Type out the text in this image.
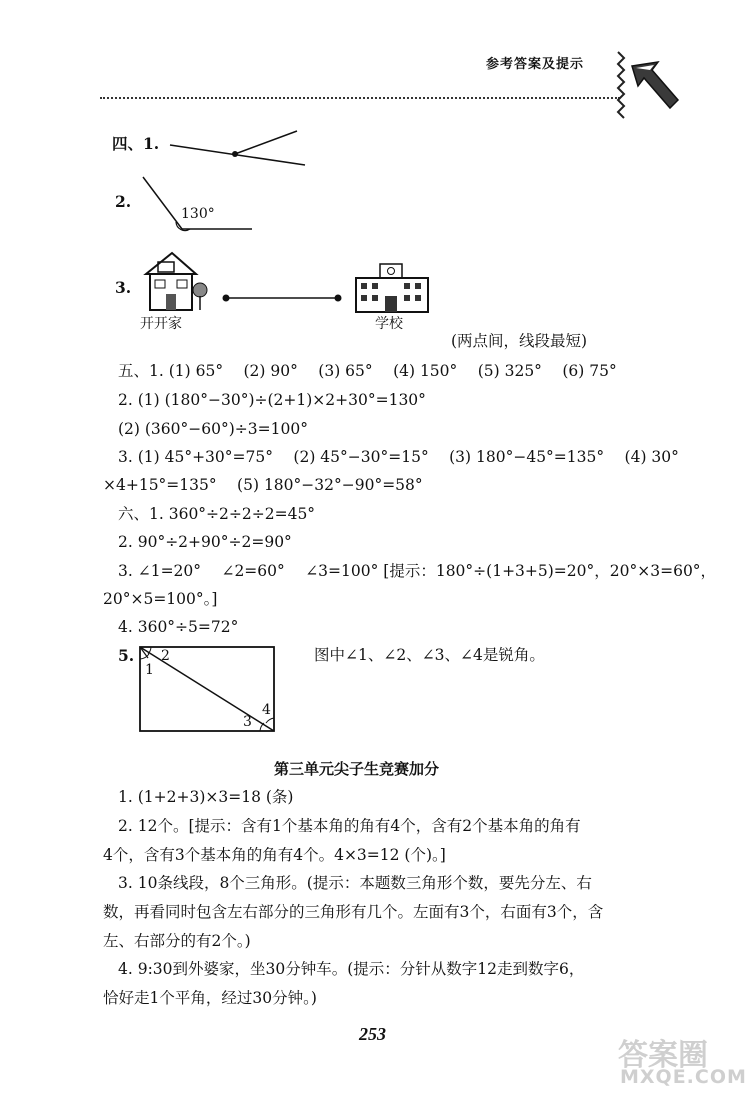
参考答案及提示
四、1.
2.
130°
3.
开开家	学校
(两点间，线段最短)
五、1. (1) 65°　 (2) 90°　 (3) 65°　 (4) 150°　 (5) 325°　 (6) 75°
2. (1) (180°−30°)÷(2+1)×2+30°=130°
(2) (360°−60°)÷3=100°
3. (1) 45°+30°=75°　 (2) 45°−30°=15°　 (3) 180°−45°=135°　 (4) 30°
×4+15°=135°　 (5) 180°−32°−90°=58°
六、1. 360°÷2÷2÷2=45°
2. 90°÷2+90°÷2=90°
3. ∠1=20°　 ∠2=60°　 ∠3=100° [提示：180°÷(1+3+5)=20°，20°×3=60°，
20°×5=100°。]
4. 360°÷5=72°
5. 2
1
3
4
图中∠1、∠2、∠3、∠4是锐角。
第三单元尖子生竞赛加分
1. (1+2+3)×3=18 (条)
2. 12个。[提示：含有1个基本角的角有4个，含有2个基本角的角有
4个，含有3个基本角的角有4个。4×3=12 (个)。]
3. 10条线段，8个三角形。(提示：本题数三角形个数，要先分左、右
数，再看同时包含左右部分的三角形有几个。左面有3个，右面有3个，含
左、右部分的有2个。)
4. 9:30到外婆家，坐30分钟车。(提示：分针从数字12走到数字6，
恰好走1个平角，经过30分钟。)
253
答案圈
MXQE.COM
